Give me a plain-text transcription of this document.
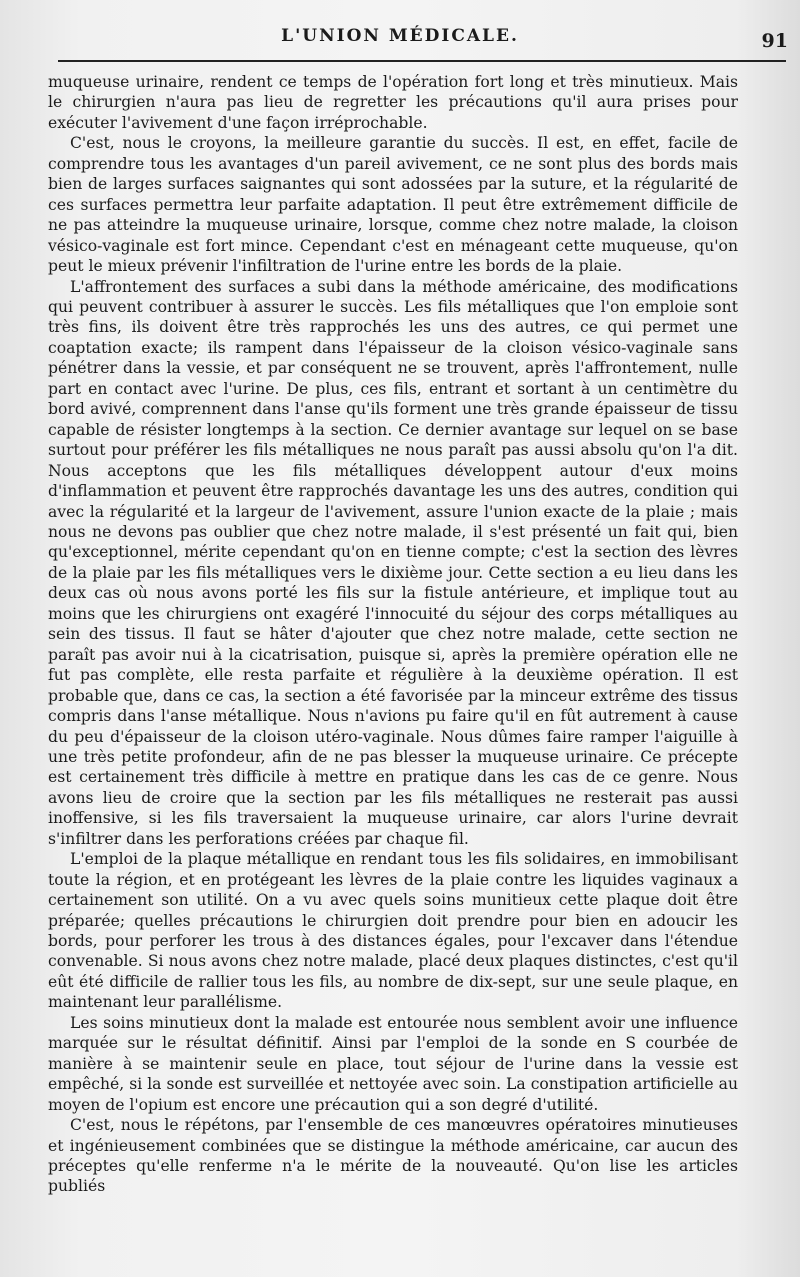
L'UNION MÉDICALE.	91

muqueuse urinaire, rendent ce temps de l'opération fort long et très minutieux. Mais le chirurgien n'aura pas lieu de regretter les précautions qu'il aura prises pour exécuter l'avivement d'une façon irréprochable.

C'est, nous le croyons, la meilleure garantie du succès. Il est, en effet, facile de comprendre tous les avantages d'un pareil avivement, ce ne sont plus des bords mais bien de larges surfaces saignantes qui sont adossées par la suture, et la régularité de ces surfaces permettra leur parfaite adaptation. Il peut être extrêmement difficile de ne pas atteindre la muqueuse urinaire, lorsque, comme chez notre malade, la cloison vésico-vaginale est fort mince. Cependant c'est en ménageant cette muqueuse, qu'on peut le mieux prévenir l'infiltration de l'urine entre les bords de la plaie.

L'affrontement des surfaces a subi dans la méthode américaine, des modifications qui peuvent contribuer à assurer le succès. Les fils métalliques que l'on emploie sont très fins, ils doivent être très rapprochés les uns des autres, ce qui permet une coaptation exacte; ils rampent dans l'épaisseur de la cloison vésico-vaginale sans pénétrer dans la vessie, et par conséquent ne se trouvent, après l'affrontement, nulle part en contact avec l'urine. De plus, ces fils, entrant et sortant à un centimètre du bord avivé, comprennent dans l'anse qu'ils forment une très grande épaisseur de tissu capable de résister longtemps à la section. Ce dernier avantage sur lequel on se base surtout pour préférer les fils métalliques ne nous paraît pas aussi absolu qu'on l'a dit. Nous acceptons que les fils métalliques développent autour d'eux moins d'inflammation et peuvent être rapprochés davantage les uns des autres, condition qui avec la régularité et la largeur de l'avivement, assure l'union exacte de la plaie ; mais nous ne devons pas oublier que chez notre malade, il s'est présenté un fait qui, bien qu'exceptionnel, mérite cependant qu'on en tienne compte; c'est la section des lèvres de la plaie par les fils métalliques vers le dixième jour. Cette section a eu lieu dans les deux cas où nous avons porté les fils sur la fistule antérieure, et implique tout au moins que les chirurgiens ont exagéré l'innocuité du séjour des corps métalliques au sein des tissus. Il faut se hâter d'ajouter que chez notre malade, cette section ne paraît pas avoir nui à la cicatrisation, puisque si, après la première opération elle ne fut pas complète, elle resta parfaite et régulière à la deuxième opération. Il est probable que, dans ce cas, la section a été favorisée par la minceur extrême des tissus compris dans l'anse métallique. Nous n'avions pu faire qu'il en fût autrement à cause du peu d'épaisseur de la cloison utéro-vaginale. Nous dûmes faire ramper l'aiguille à une très petite profondeur, afin de ne pas blesser la muqueuse urinaire. Ce précepte est certainement très difficile à mettre en pratique dans les cas de ce genre. Nous avons lieu de croire que la section par les fils métalliques ne resterait pas aussi inoffensive, si les fils traversaient la muqueuse urinaire, car alors l'urine devrait s'infiltrer dans les perforations créées par chaque fil.

L'emploi de la plaque métallique en rendant tous les fils solidaires, en immobilisant toute la région, et en protégeant les lèvres de la plaie contre les liquides vaginaux a certainement son utilité. On a vu avec quels soins munitieux cette plaque doit être préparée; quelles précautions le chirurgien doit prendre pour bien en adoucir les bords, pour perforer les trous à des distances égales, pour l'excaver dans l'étendue convenable. Si nous avons chez notre malade, placé deux plaques distinctes, c'est qu'il eût été difficile de rallier tous les fils, au nombre de dix-sept, sur une seule plaque, en maintenant leur parallélisme.

Les soins minutieux dont la malade est entourée nous semblent avoir une influence marquée sur le résultat définitif. Ainsi par l'emploi de la sonde en S courbée de manière à se maintenir seule en place, tout séjour de l'urine dans la vessie est empêché, si la sonde est surveillée et nettoyée avec soin. La constipation artificielle au moyen de l'opium est encore une précaution qui a son degré d'utilité.

C'est, nous le répétons, par l'ensemble de ces manœuvres opératoires minutieuses et ingénieusement combinées que se distingue la méthode américaine, car aucun des préceptes qu'elle renferme n'a le mérite de la nouveauté. Qu'on lise les articles publiés
